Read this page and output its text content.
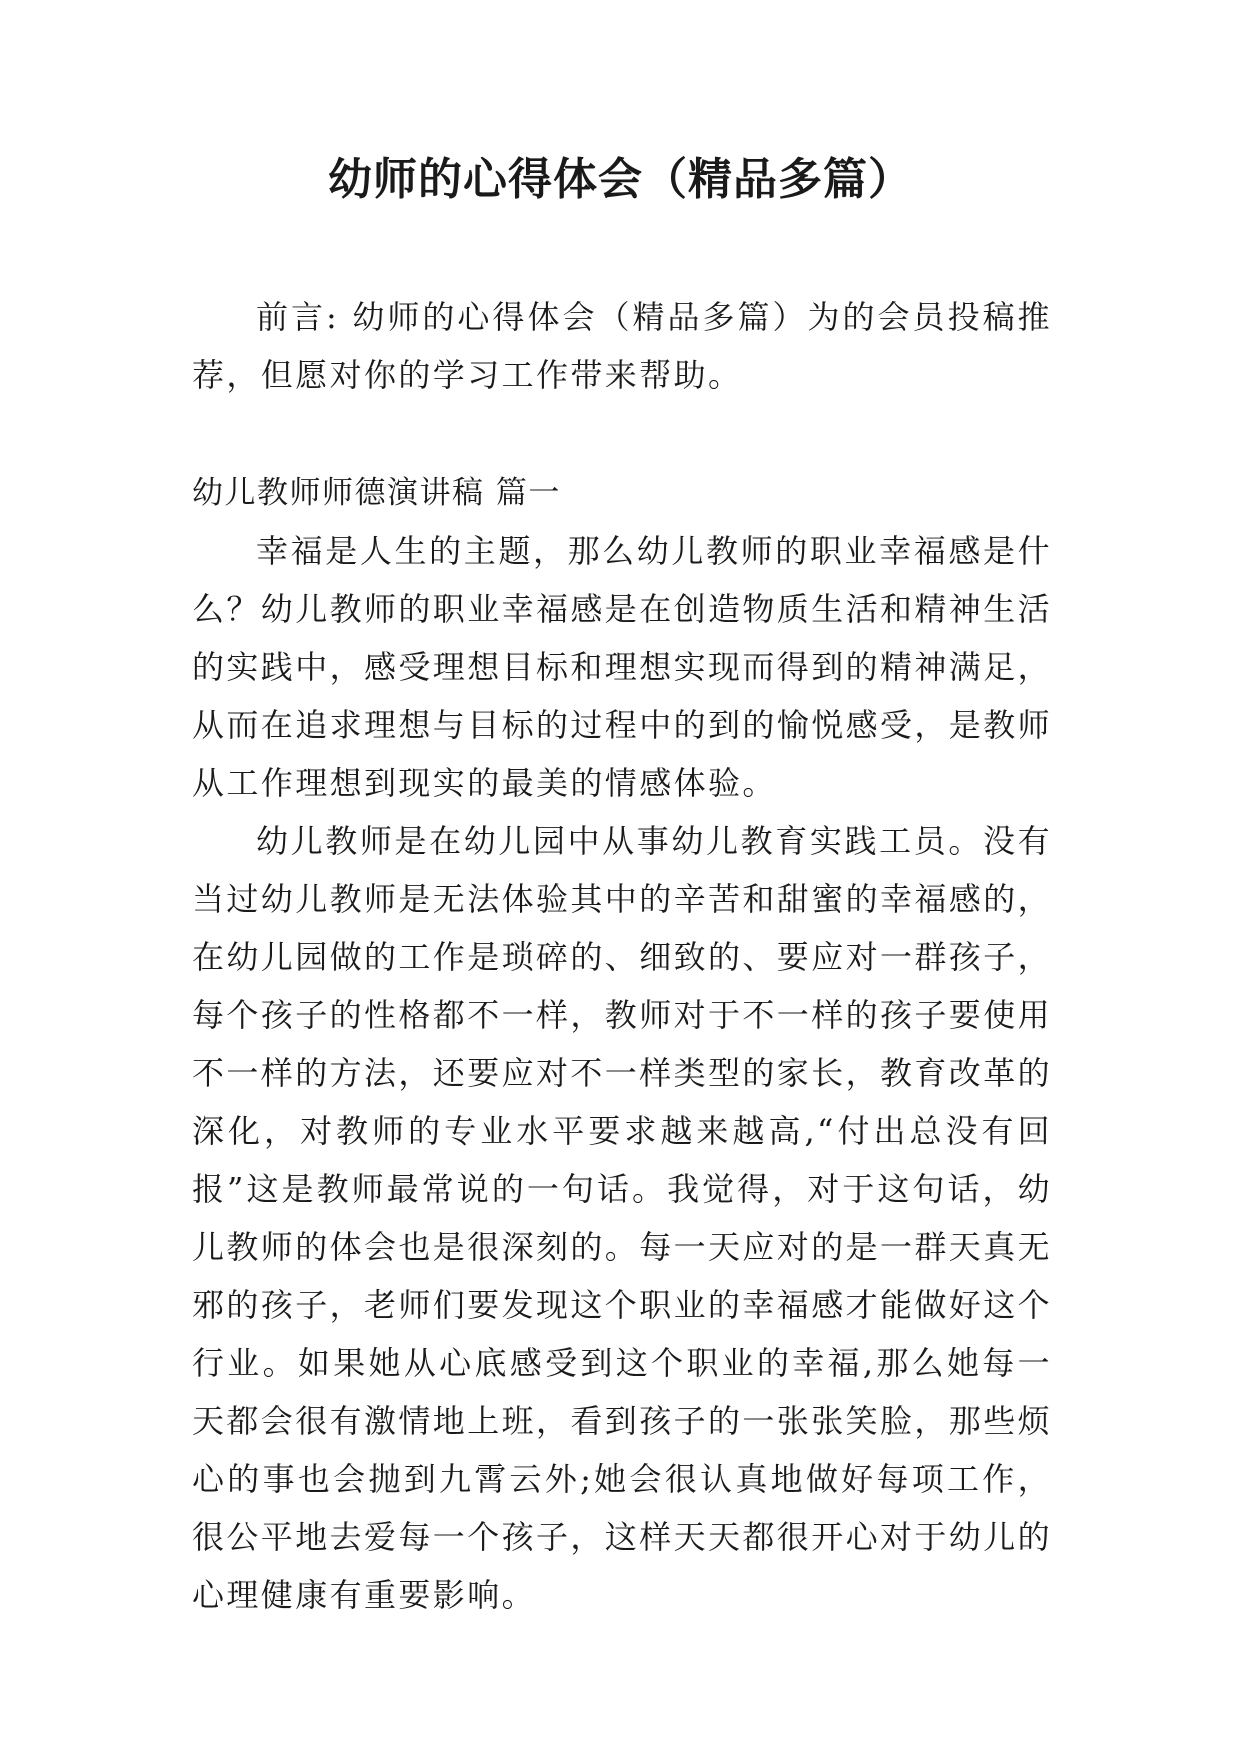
幼师的心得体会（精品多篇）

前言: 幼师的心得体会（精品多篇）为的会员投稿推荐，但愿对你的学习工作带来帮助。

幼儿教师师德演讲稿 篇一

幸福是人生的主题，那么幼儿教师的职业幸福感是什么？幼儿教师的职业幸福感是在创造物质生活和精神生活的实践中，感受理想目标和理想实现而得到的精神满足，从而在追求理想与目标的过程中的到的愉悦感受，是教师从工作理想到现实的最美的情感体验。

幼儿教师是在幼儿园中从事幼儿教育实践工员。没有当过幼儿教师是无法体验其中的辛苦和甜蜜的幸福感的，在幼儿园做的工作是琐碎的、细致的、要应对一群孩子，每个孩子的性格都不一样，教师对于不一样的孩子要使用不一样的方法，还要应对不一样类型的家长，教育改革的深化，对教师的专业水平要求越来越高,“付出总没有回报”这是教师最常说的一句话。我觉得，对于这句话，幼儿教师的体会也是很深刻的。每一天应对的是一群天真无邪的孩子，老师们要发现这个职业的幸福感才能做好这个行业。如果她从心底感受到这个职业的幸福,那么她每一天都会很有激情地上班，看到孩子的一张张笑脸，那些烦心的事也会抛到九霄云外;她会很认真地做好每项工作，很公平地去爱每一个孩子，这样天天都很开心对于幼儿的心理健康有重要影响。
